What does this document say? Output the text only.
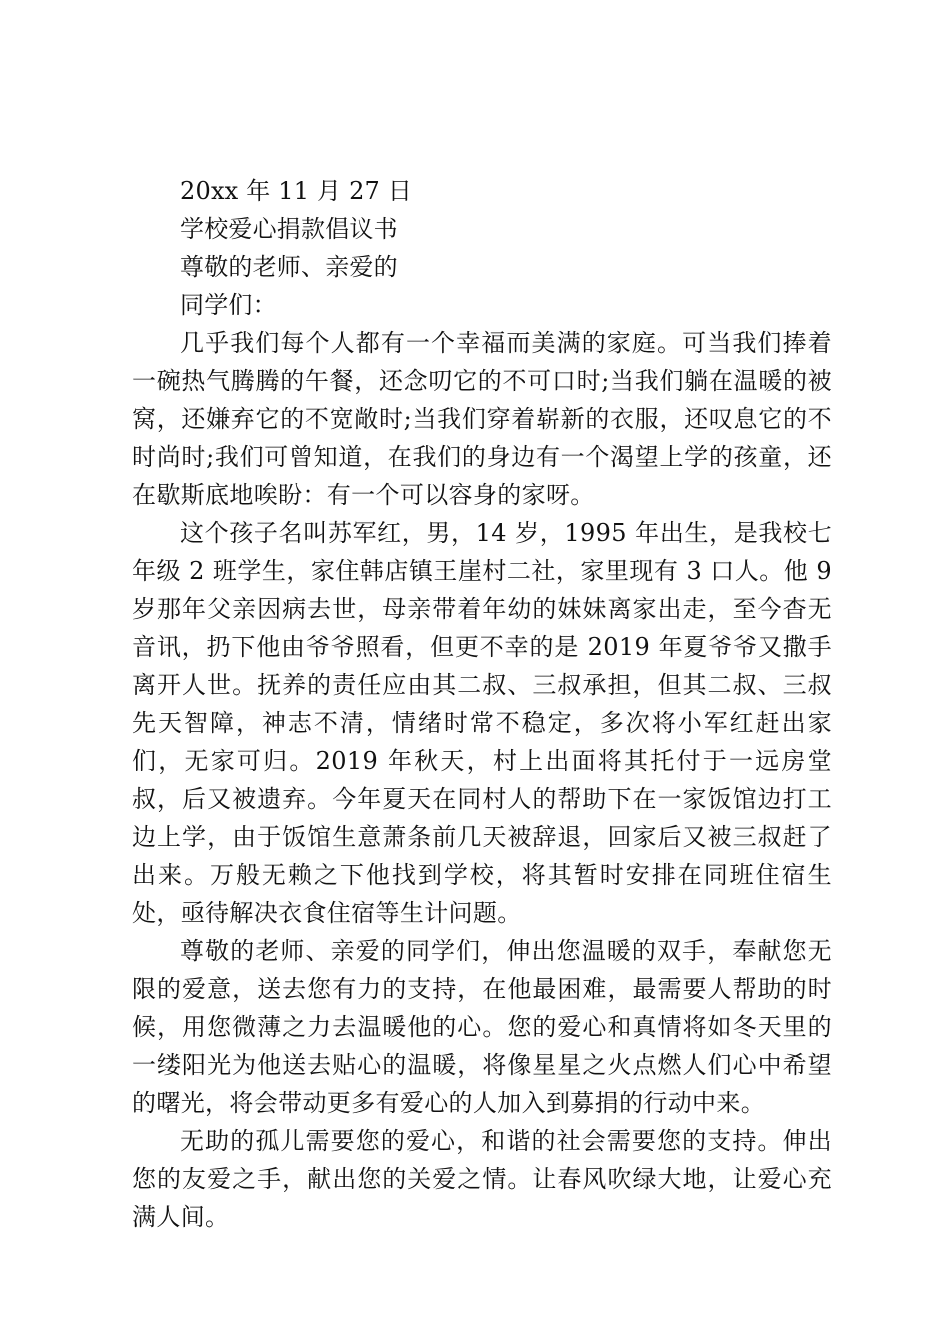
20xx 年 11 月 27 日

学校爱心捐款倡议书

尊敬的老师、亲爱的

同学们：

几乎我们每个人都有一个幸福而美满的家庭。可当我们捧着一碗热气腾腾的午餐，还念叨它的不可口时;当我们躺在温暖的被窝，还嫌弃它的不宽敞时;当我们穿着崭新的衣服，还叹息它的不时尚时;我们可曾知道，在我们的身边有一个渴望上学的孩童，还在歇斯底地唉盼：有一个可以容身的家呀。

这个孩子名叫苏军红，男，14 岁，1995 年出生，是我校七年级 2 班学生，家住韩店镇王崖村二社，家里现有 3 口人。他 9 岁那年父亲因病去世，母亲带着年幼的妹妹离家出走，至今杳无音讯，扔下他由爷爷照看，但更不幸的是 2019 年夏爷爷又撒手离开人世。抚养的责任应由其二叔、三叔承担，但其二叔、三叔先天智障，神志不清，情绪时常不稳定，多次将小军红赶出家们，无家可归。2019 年秋天，村上出面将其托付于一远房堂叔，后又被遗弃。今年夏天在同村人的帮助下在一家饭馆边打工边上学，由于饭馆生意萧条前几天被辞退，回家后又被三叔赶了出来。万般无赖之下他找到学校，将其暂时安排在同班住宿生处，亟待解决衣食住宿等生计问题。

尊敬的老师、亲爱的同学们，伸出您温暖的双手，奉献您无限的爱意，送去您有力的支持，在他最困难，最需要人帮助的时候，用您微薄之力去温暖他的心。您的爱心和真情将如冬天里的一缕阳光为他送去贴心的温暖，将像星星之火点燃人们心中希望的曙光，将会带动更多有爱心的人加入到募捐的行动中来。

无助的孤儿需要您的爱心，和谐的社会需要您的支持。伸出您的友爱之手，献出您的关爱之情。让春风吹绿大地，让爱心充满人间。
